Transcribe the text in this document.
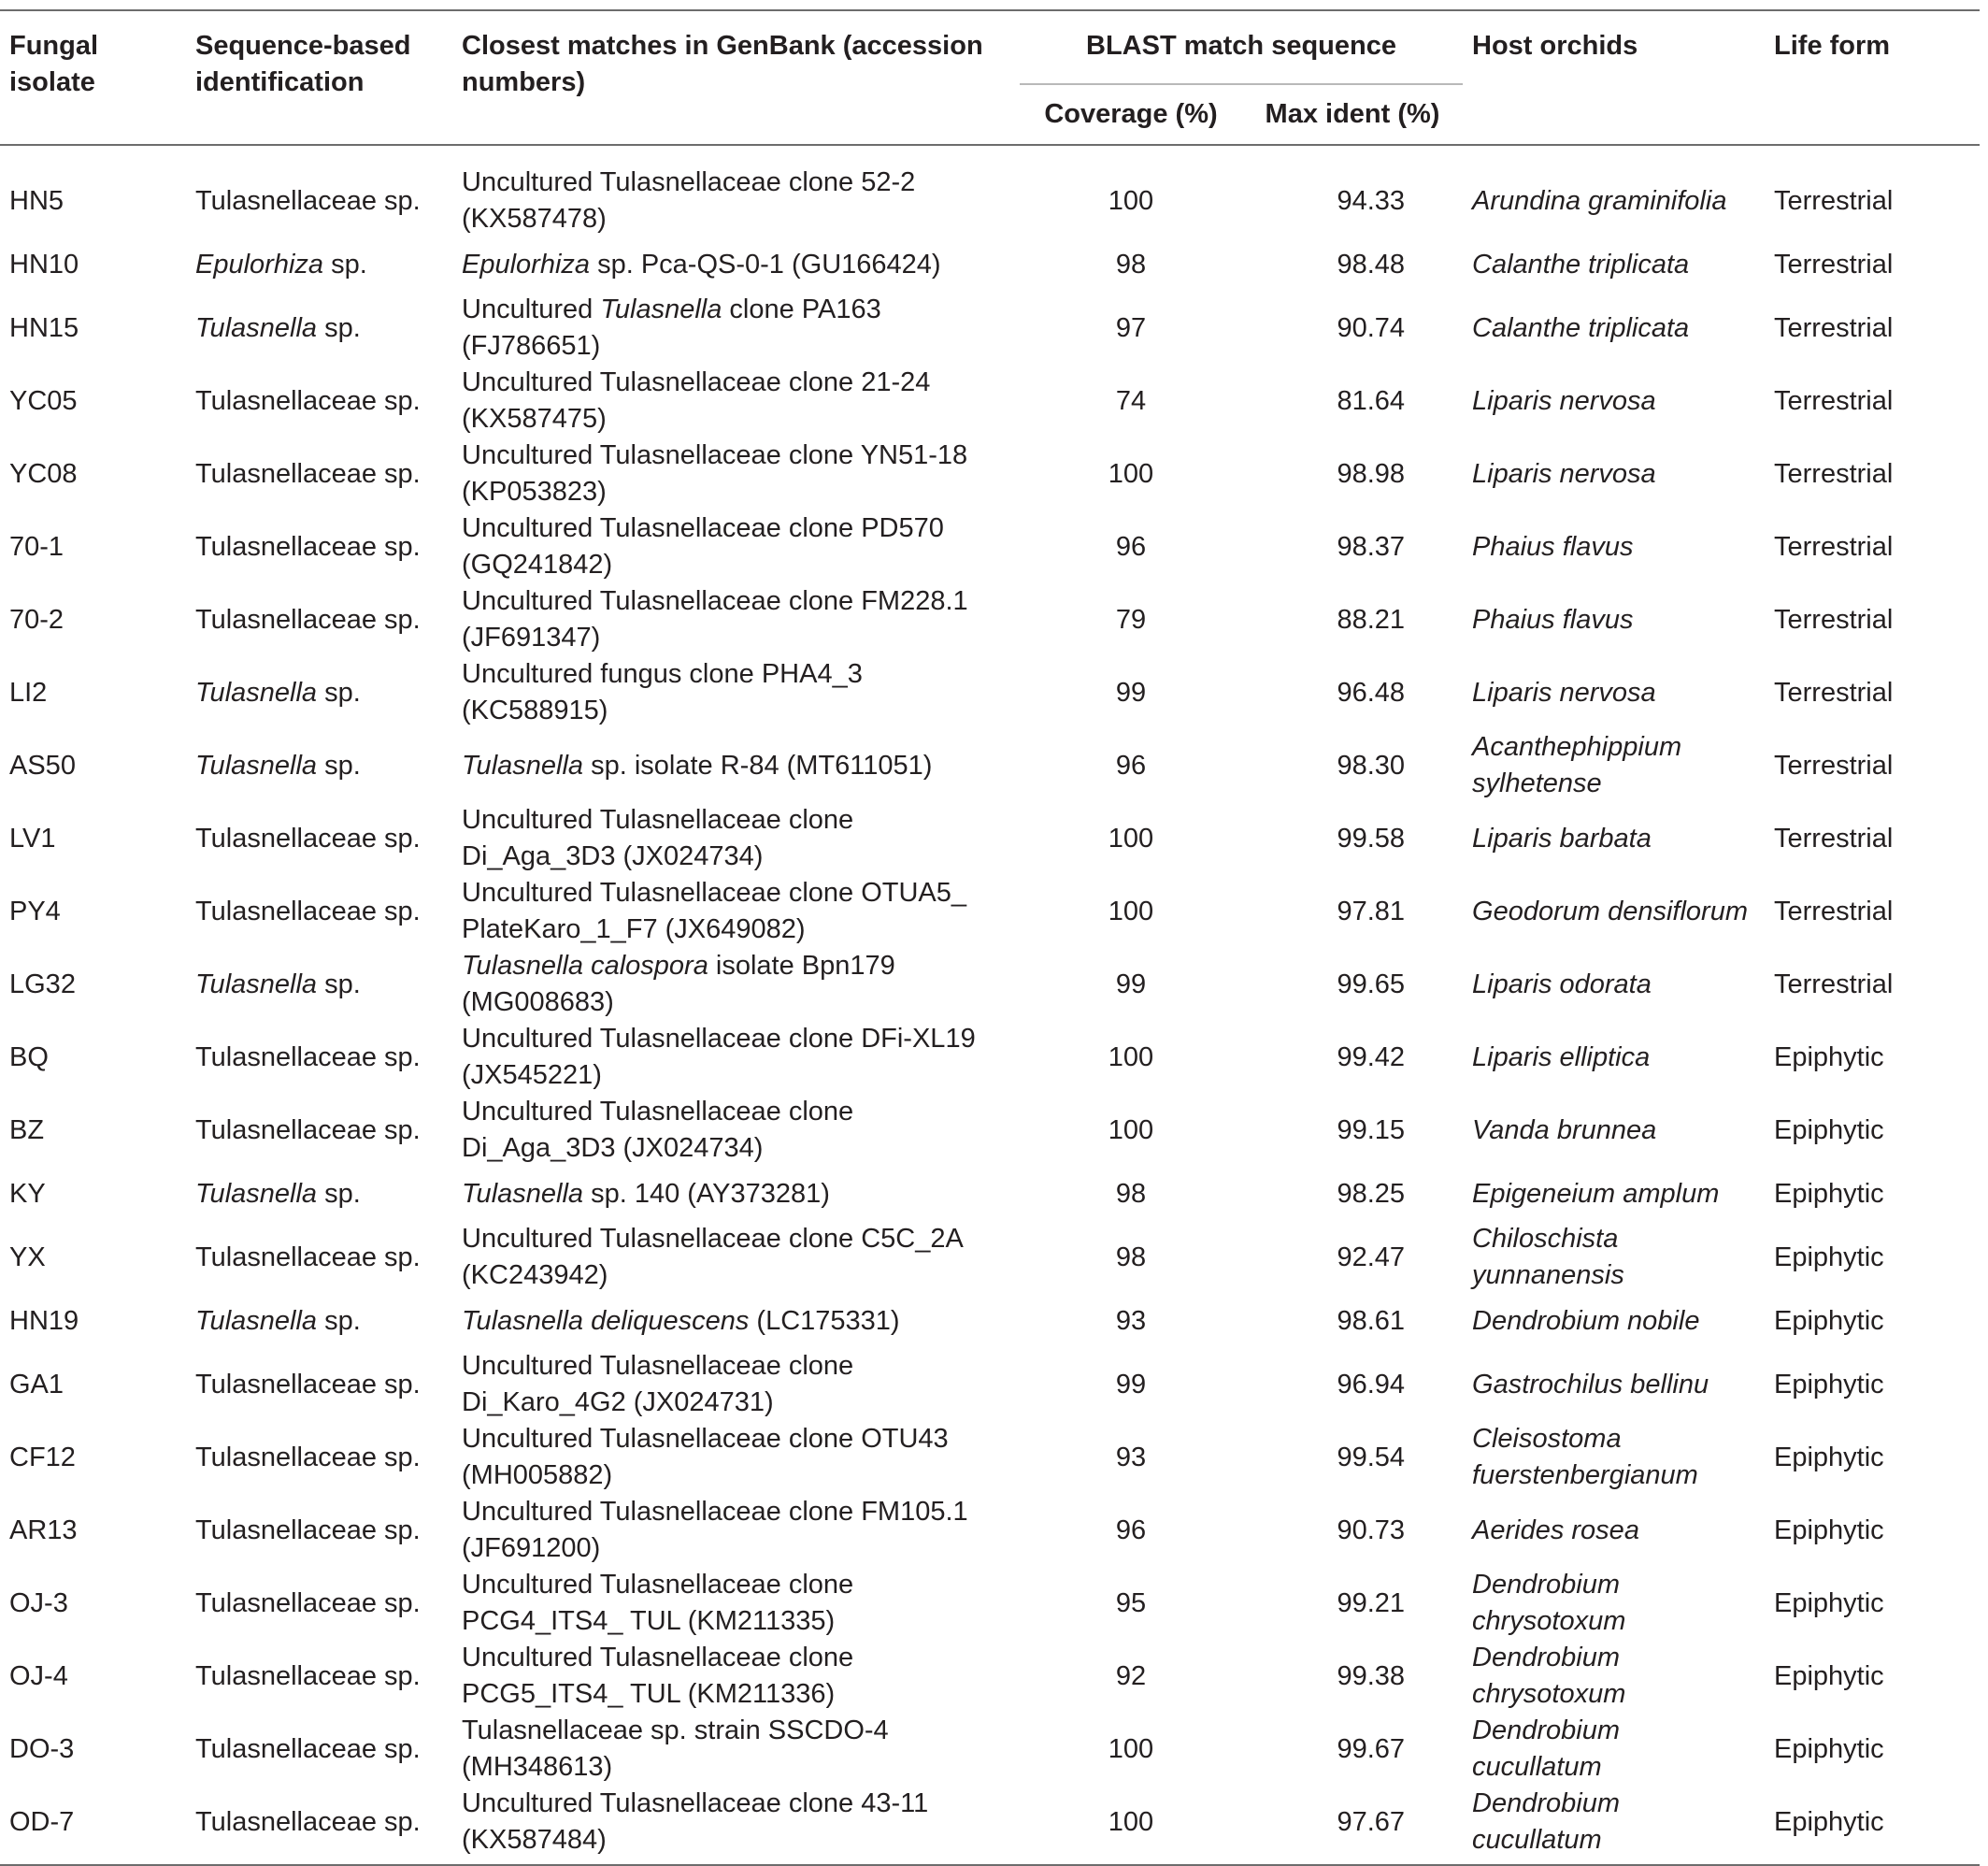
Fungal isolate	Sequence-based identification	Closest matches in GenBank (accession numbers)	BLAST match sequence		Host orchids	Life form
			Coverage (%)	Max ident (%)		
HN5	Tulasnellaceae sp.	Uncultured Tulasnellaceae clone 52-2 (KX587478)	100	94.33	Arundina graminifolia	Terrestrial
HN10	Epulorhiza sp.	Epulorhiza sp. Pca-QS-0-1 (GU166424)	98	98.48	Calanthe triplicata	Terrestrial
HN15	Tulasnella sp.	Uncultured Tulasnella clone PA163 (FJ786651)	97	90.74	Calanthe triplicata	Terrestrial
YC05	Tulasnellaceae sp.	Uncultured Tulasnellaceae clone 21-24 (KX587475)	74	81.64	Liparis nervosa	Terrestrial
YC08	Tulasnellaceae sp.	Uncultured Tulasnellaceae clone YN51-18 (KP053823)	100	98.98	Liparis nervosa	Terrestrial
70-1	Tulasnellaceae sp.	Uncultured Tulasnellaceae clone PD570 (GQ241842)	96	98.37	Phaius flavus	Terrestrial
70-2	Tulasnellaceae sp.	Uncultured Tulasnellaceae clone FM228.1 (JF691347)	79	88.21	Phaius flavus	Terrestrial
LI2	Tulasnella sp.	Uncultured fungus clone PHA4_3 (KC588915)	99	96.48	Liparis nervosa	Terrestrial
AS50	Tulasnella sp.	Tulasnella sp. isolate R-84 (MT611051)	96	98.30	Acanthephippium sylhetense	Terrestrial
LV1	Tulasnellaceae sp.	Uncultured Tulasnellaceae clone Di_Aga_3D3 (JX024734)	100	99.58	Liparis barbata	Terrestrial
PY4	Tulasnellaceae sp.	Uncultured Tulasnellaceae clone OTUA5_ PlateKaro_1_F7 (JX649082)	100	97.81	Geodorum densiflorum	Terrestrial
LG32	Tulasnella sp.	Tulasnella calospora isolate Bpn179 (MG008683)	99	99.65	Liparis odorata	Terrestrial
BQ	Tulasnellaceae sp.	Uncultured Tulasnellaceae clone DFi-XL19 (JX545221)	100	99.42	Liparis elliptica	Epiphytic
BZ	Tulasnellaceae sp.	Uncultured Tulasnellaceae clone Di_Aga_3D3 (JX024734)	100	99.15	Vanda brunnea	Epiphytic
KY	Tulasnella sp.	Tulasnella sp. 140 (AY373281)	98	98.25	Epigeneium amplum	Epiphytic
YX	Tulasnellaceae sp.	Uncultured Tulasnellaceae clone C5C_2A (KC243942)	98	92.47	Chiloschista yunnanensis	Epiphytic
HN19	Tulasnella sp.	Tulasnella deliquescens (LC175331)	93	98.61	Dendrobium nobile	Epiphytic
GA1	Tulasnellaceae sp.	Uncultured Tulasnellaceae clone Di_Karo_4G2 (JX024731)	99	96.94	Gastrochilus bellinu	Epiphytic
CF12	Tulasnellaceae sp.	Uncultured Tulasnellaceae clone OTU43 (MH005882)	93	99.54	Cleisostoma fuerstenbergianum	Epiphytic
AR13	Tulasnellaceae sp.	Uncultured Tulasnellaceae clone FM105.1 (JF691200)	96	90.73	Aerides rosea	Epiphytic
OJ-3	Tulasnellaceae sp.	Uncultured Tulasnellaceae clone PCG4_ITS4_ TUL (KM211335)	95	99.21	Dendrobium chrysotoxum	Epiphytic
OJ-4	Tulasnellaceae sp.	Uncultured Tulasnellaceae clone PCG5_ITS4_ TUL (KM211336)	92	99.38	Dendrobium chrysotoxum	Epiphytic
DO-3	Tulasnellaceae sp.	Tulasnellaceae sp. strain SSCDO-4 (MH348613)	100	99.67	Dendrobium cucullatum	Epiphytic
OD-7	Tulasnellaceae sp.	Uncultured Tulasnellaceae clone 43-11 (KX587484)	100	97.67	Dendrobium cucullatum	Epiphytic
